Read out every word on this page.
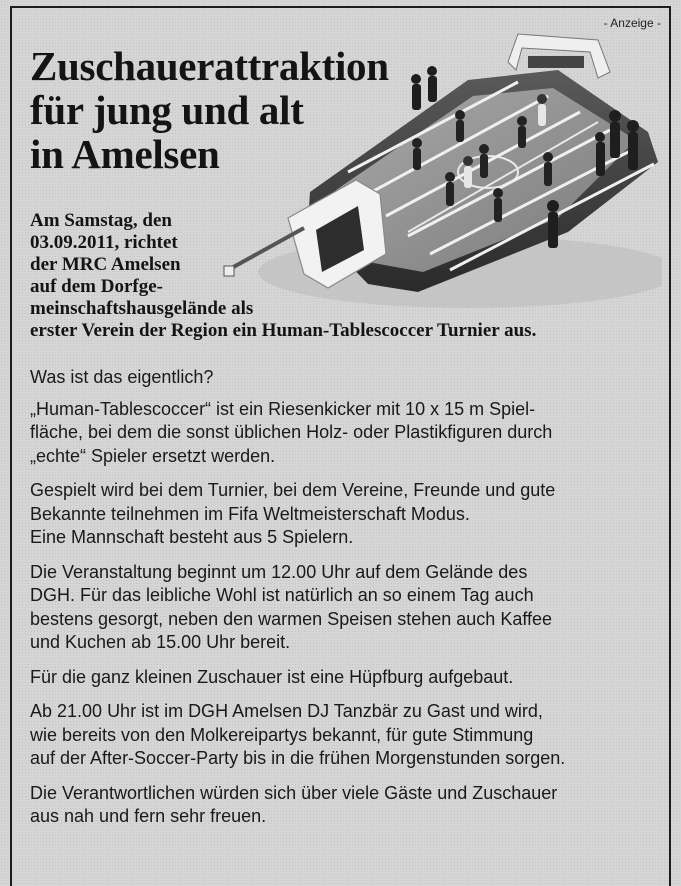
- Anzeige -
Zuschauerattraktion
für jung und alt
in Amelsen

Am Samstag, den
03.09.2011, richtet
der MRC Amelsen
auf dem Dorfge-
meinschaftshausgelände als
erster Verein der Region ein Human-Tablescoccer Turnier aus.

Was ist das eigentlich?

„Human-Tablescoccer“ ist ein Riesenkicker mit 10 x 15 m Spiel-
fläche, bei dem die sonst üblichen Holz- oder Plastikfiguren durch
„echte“ Spieler ersetzt werden.

Gespielt wird bei dem Turnier, bei dem Vereine, Freunde und gute
Bekannte teilnehmen im Fifa Weltmeisterschaft Modus.
Eine Mannschaft besteht aus 5 Spielern.

Die Veranstaltung beginnt um 12.00 Uhr auf dem Gelände des
DGH. Für das leibliche Wohl ist natürlich an so einem Tag auch
bestens gesorgt, neben den warmen Speisen stehen auch Kaffee
und Kuchen ab 15.00 Uhr bereit.

Für die ganz kleinen Zuschauer ist eine Hüpfburg aufgebaut.

Ab 21.00 Uhr ist im DGH Amelsen DJ Tanzbär zu Gast und wird,
wie bereits von den Molkereipartys bekannt, für gute Stimmung
auf der After-Soccer-Party bis in die frühen Morgenstunden sorgen.

Die Verantwortlichen würden sich über viele Gäste und Zuschauer
aus nah und fern sehr freuen.
